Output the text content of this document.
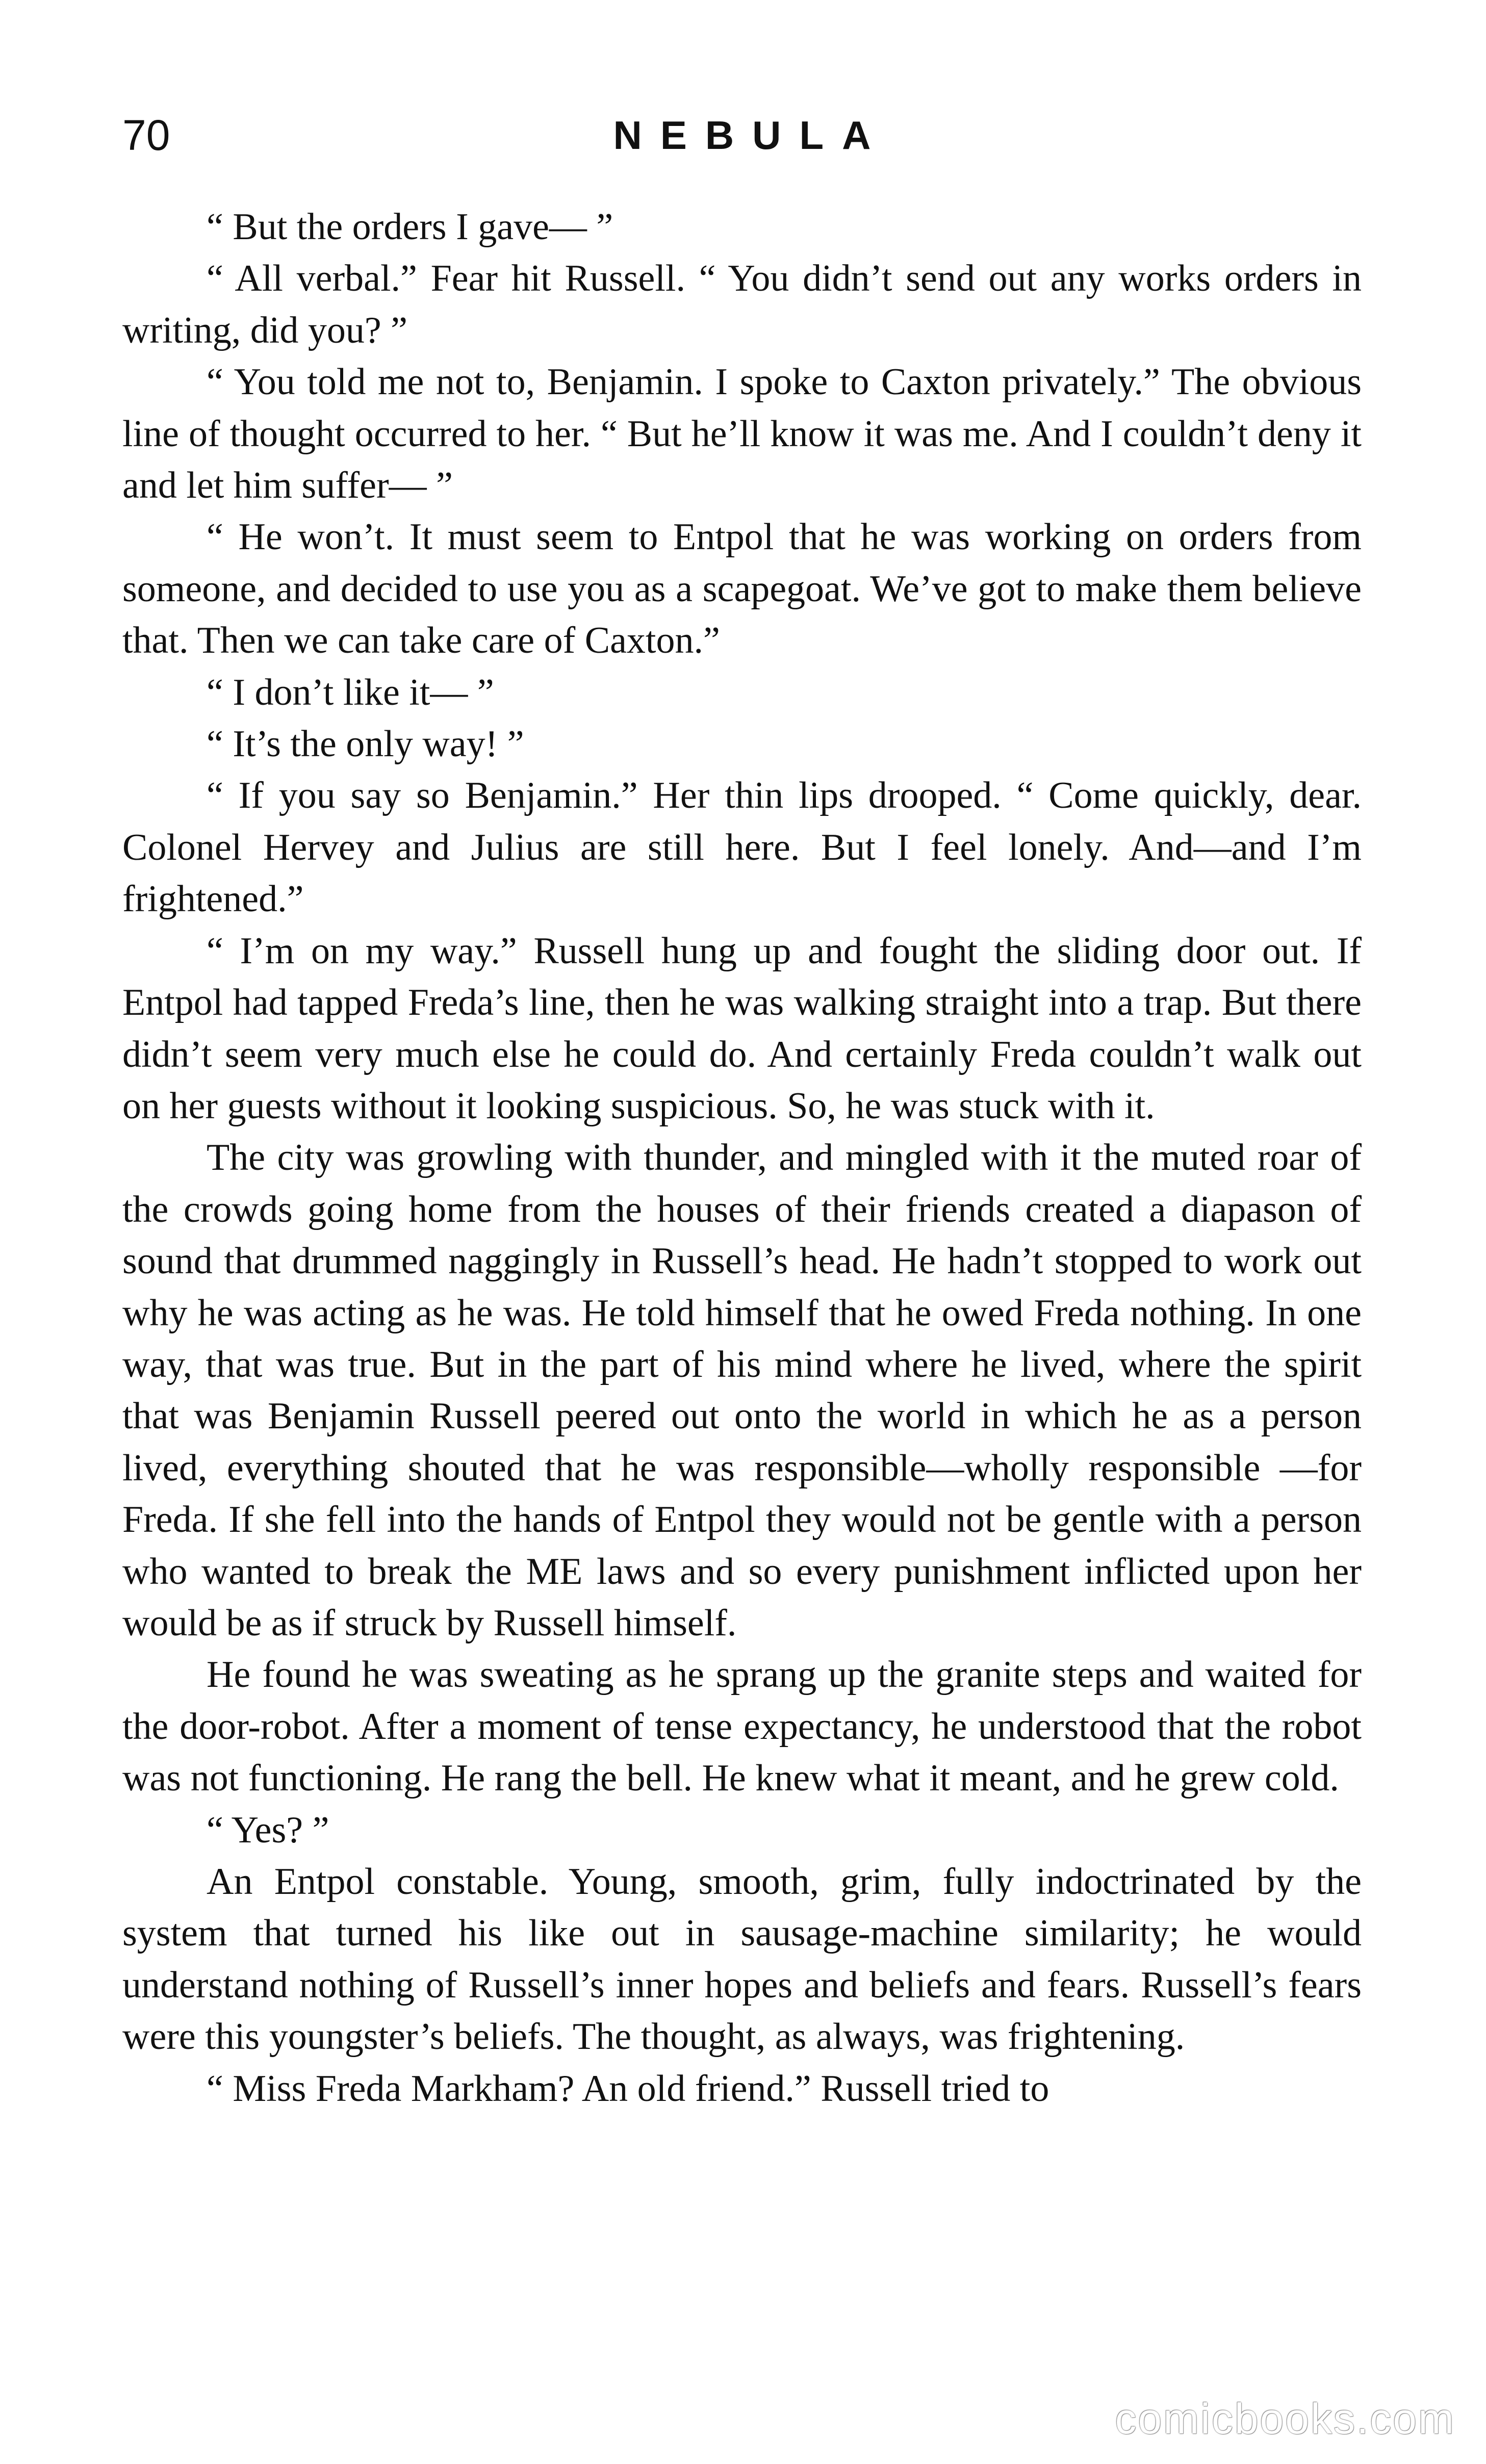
70	NEBULA

“ But the orders I gave— ”

“ All verbal.” Fear hit Russell. “ You didn’t send out any works orders in writing, did you? ”

“ You told me not to, Benjamin. I spoke to Caxton privately.” The obvious line of thought occurred to her. “ But he’ll know it was me. And I couldn’t deny it and let him suffer— ”

“ He won’t. It must seem to Entpol that he was working on orders from someone, and decided to use you as a scapegoat. We’ve got to make them believe that. Then we can take care of Caxton.”

“ I don’t like it— ”

“ It’s the only way! ”

“ If you say so Benjamin.” Her thin lips drooped. “ Come quickly, dear. Colonel Hervey and Julius are still here. But I feel lonely. And—and I’m frightened.”

“ I’m on my way.” Russell hung up and fought the sliding door out. If Entpol had tapped Freda’s line, then he was walking straight into a trap. But there didn’t seem very much else he could do. And certainly Freda couldn’t walk out on her guests without it looking suspicious. So, he was stuck with it.

The city was growling with thunder, and mingled with it the muted roar of the crowds going home from the houses of their friends created a diapason of sound that drummed naggingly in Russell’s head. He hadn’t stopped to work out why he was acting as he was. He told himself that he owed Freda nothing. In one way, that was true. But in the part of his mind where he lived, where the spirit that was Benjamin Russell peered out onto the world in which he as a person lived, everything shouted that he was responsible—wholly responsible —for Freda. If she fell into the hands of Entpol they would not be gentle with a person who wanted to break the ME laws and so every punishment inflicted upon her would be as if struck by Russell himself.

He found he was sweating as he sprang up the granite steps and waited for the door-robot. After a moment of tense expectancy, he understood that the robot was not functioning. He rang the bell. He knew what it meant, and he grew cold.

“ Yes? ”

An Entpol constable. Young, smooth, grim, fully indoctrinated by the system that turned his like out in sausage-machine similarity; he would understand nothing of Russell’s inner hopes and beliefs and fears. Russell’s fears were this youngster’s beliefs. The thought, as always, was frightening.

“ Miss Freda Markham? An old friend.” Russell tried to

comicbooks.com
